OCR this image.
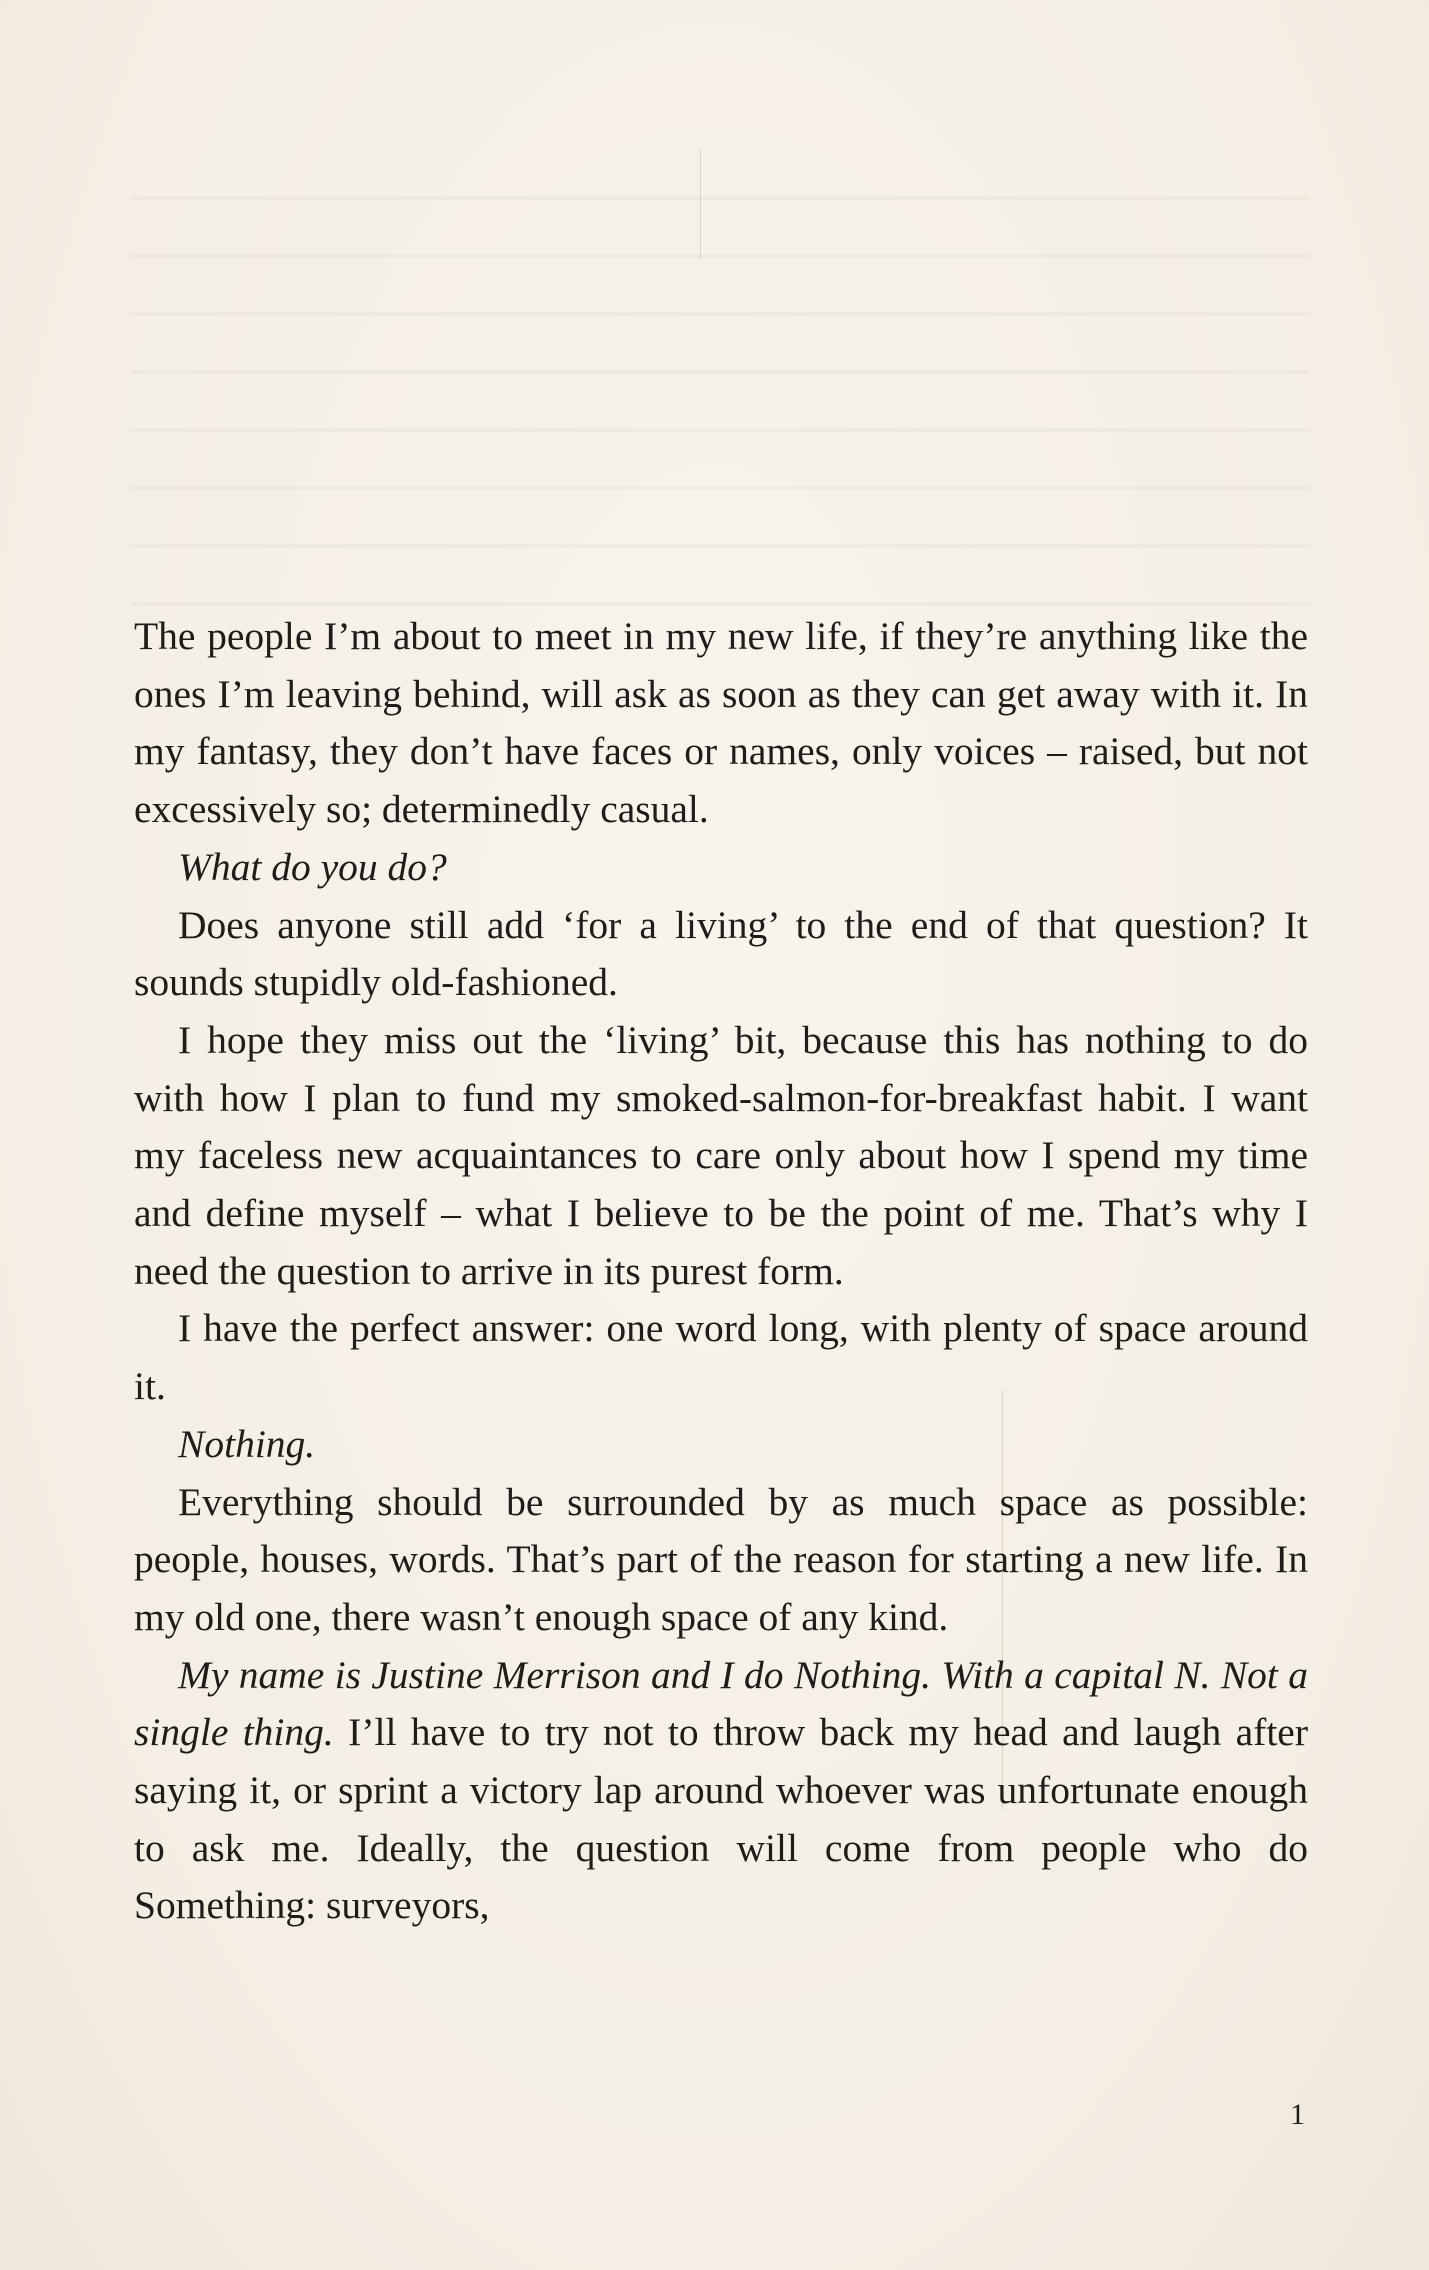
The people I’m about to meet in my new life, if they’re anything like the ones I’m leaving behind, will ask as soon as they can get away with it. In my fantasy, they don’t have faces or names, only voices – raised, but not excessively so; determinedly casual.

What do you do?

Does anyone still add ‘for a living’ to the end of that question? It sounds stupidly old-fashioned.

I hope they miss out the ‘living’ bit, because this has nothing to do with how I plan to fund my smoked-salmon-for-breakfast habit. I want my faceless new acquaintances to care only about how I spend my time and define myself – what I believe to be the point of me. That’s why I need the question to arrive in its purest form.

I have the perfect answer: one word long, with plenty of space around it.

Nothing.

Everything should be surrounded by as much space as possible: people, houses, words. That’s part of the reason for starting a new life. In my old one, there wasn’t enough space of any kind.

My name is Justine Merrison and I do Nothing. With a capital N. Not a single thing. I’ll have to try not to throw back my head and laugh after saying it, or sprint a victory lap around whoever was unfortunate enough to ask me. Ideally, the question will come from people who do Something: surveyors,

1
